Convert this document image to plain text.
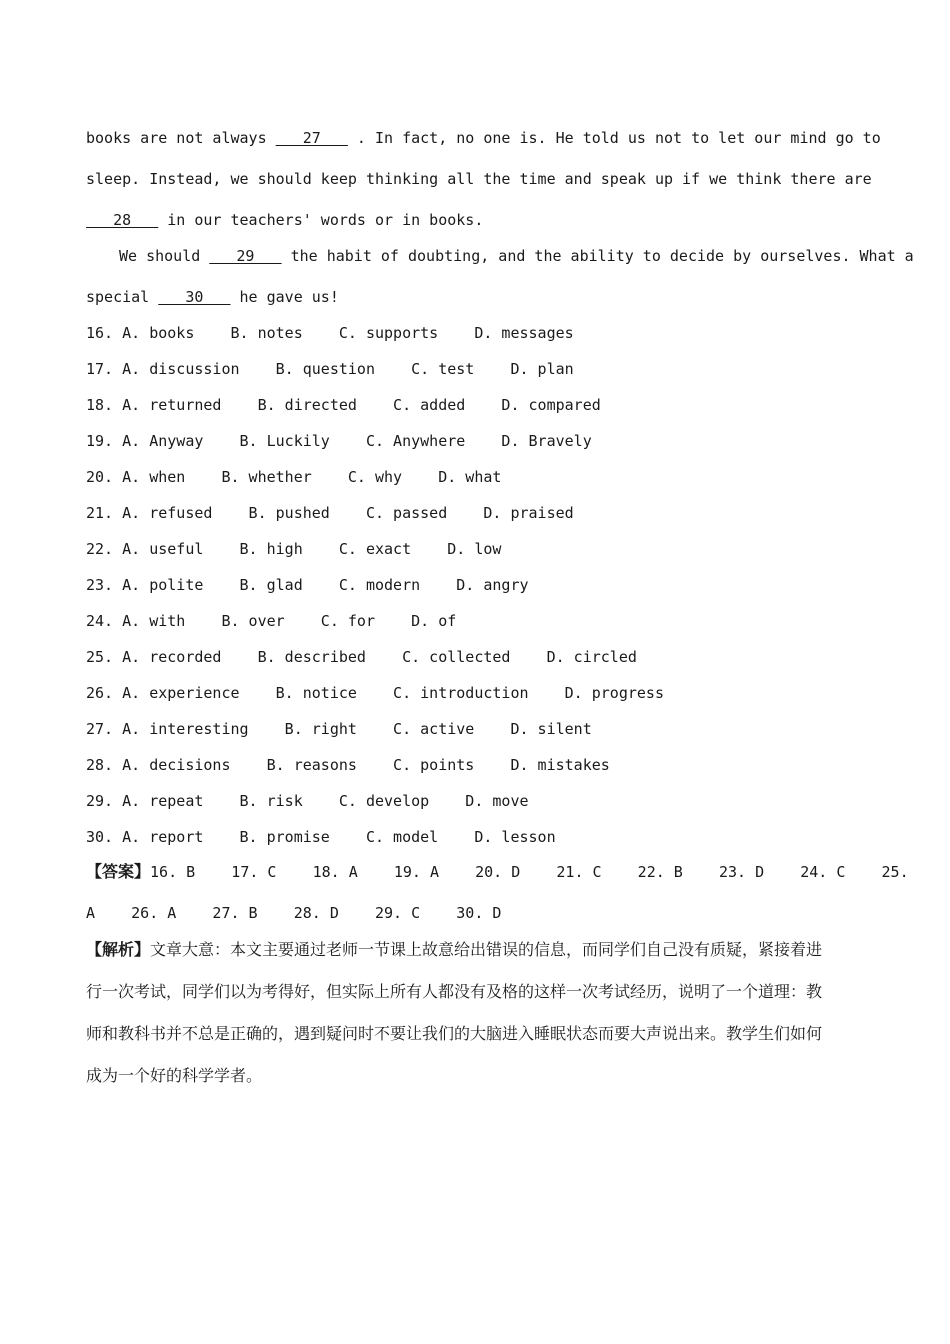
books are not always    27    . In fact, no one is. He told us not to let our mind go to
sleep. Instead, we should keep thinking all the time and speak up if we think there are
28    in our teachers' words or in books.
We should    29    the habit of doubting, and the ability to decide by ourselves. What a
special    30    he gave us!
16. A. books    B. notes    C. supports    D. messages
17. A. discussion    B. question    C. test    D. plan
18. A. returned    B. directed    C. added    D. compared
19. A. Anyway    B. Luckily    C. Anywhere    D. Bravely
20. A. when    B. whether    C. why    D. what
21. A. refused    B. pushed    C. passed    D. praised
22. A. useful    B. high    C. exact    D. low
23. A. polite    B. glad    C. modern    D. angry
24. A. with    B. over    C. for    D. of
25. A. recorded    B. described    C. collected    D. circled
26. A. experience    B. notice    C. introduction    D. progress
27. A. interesting    B. right    C. active    D. silent
28. A. decisions    B. reasons    C. points    D. mistakes
29. A. repeat    B. risk    C. develop    D. move
30. A. report    B. promise    C. model    D. lesson
【答案】16. B    17. C    18. A    19. A    20. D    21. C    22. B    23. D    24. C    25.
A    26. A    27. B    28. D    29. C    30. D
【解析】文章大意：本文主要通过老师一节课上故意给出错误的信息，而同学们自己没有质疑，紧接着进
行一次考试，同学们以为考得好，但实际上所有人都没有及格的这样一次考试经历，说明了一个道理：教
师和教科书并不总是正确的，遇到疑问时不要让我们的大脑进入睡眠状态而要大声说出来。教学生们如何
成为一个好的科学学者。
